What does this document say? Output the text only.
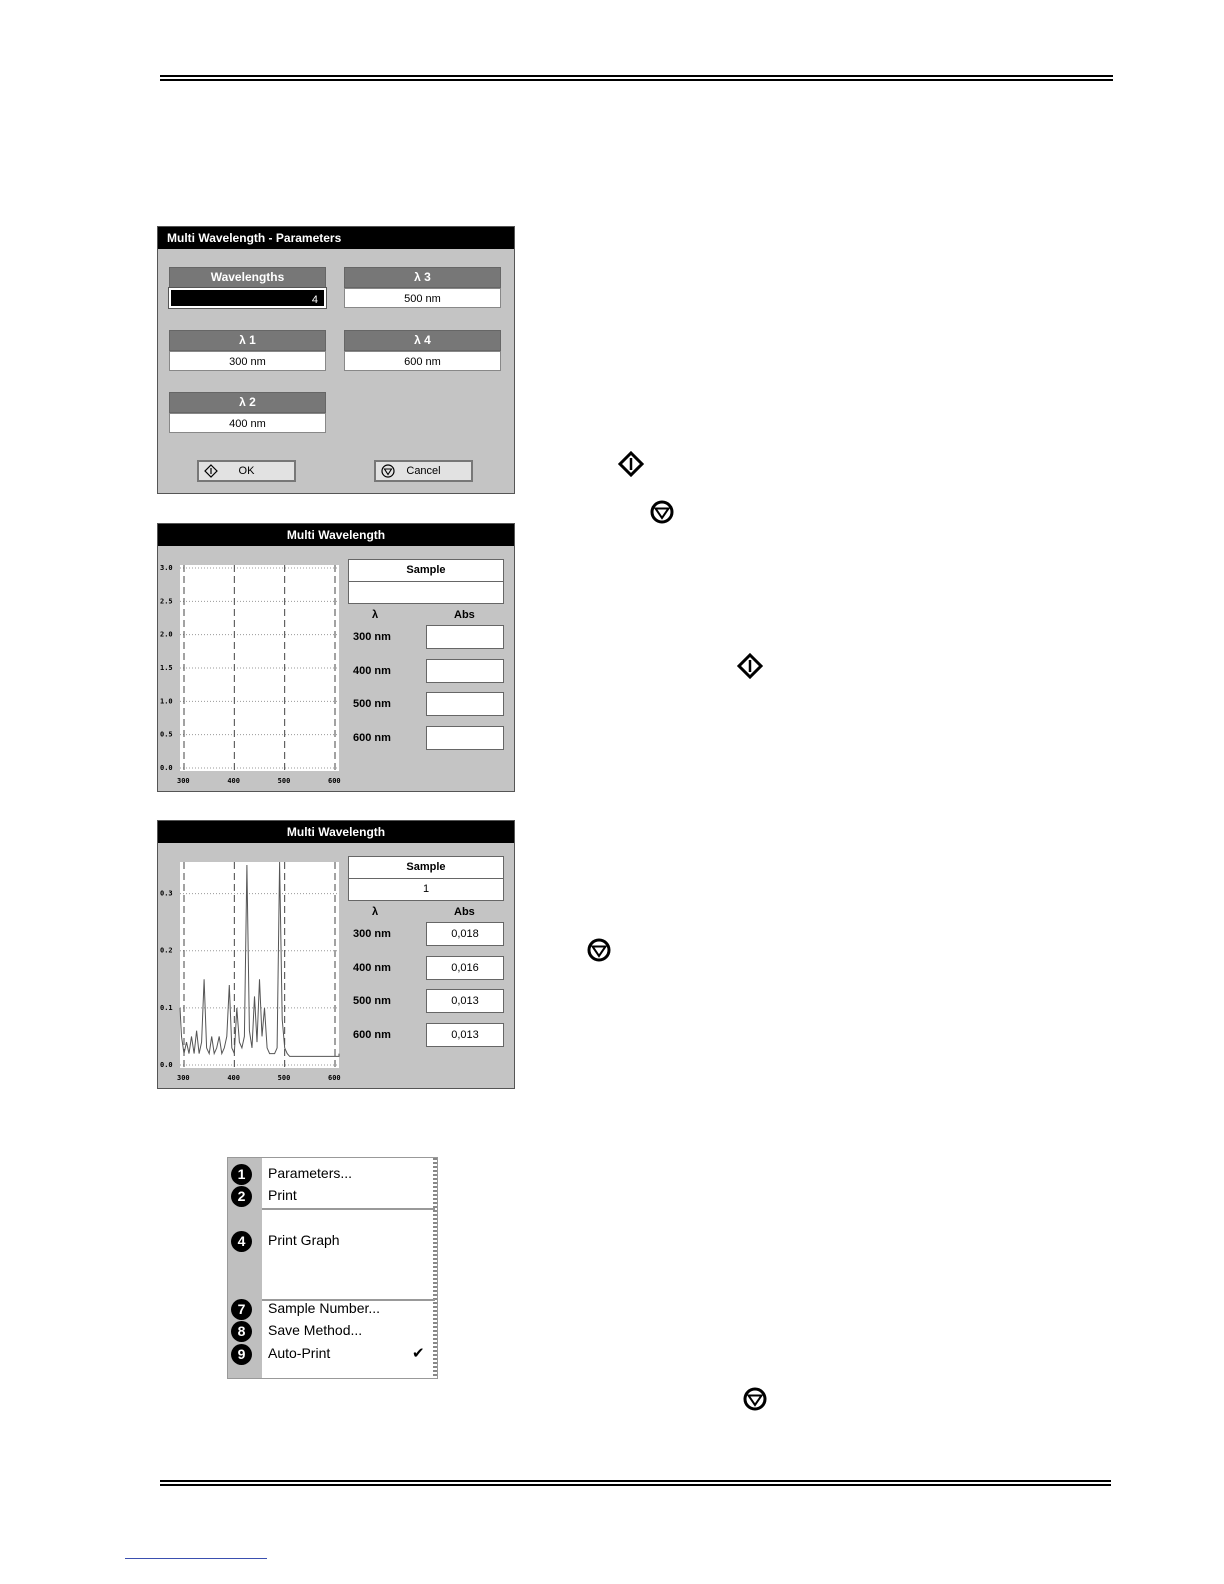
Multi Wavelength - Parameters
Wavelengths
4
λ 1
300 nm
λ 2
400 nm
λ 3
500 nm
λ 4
600 nm
OK	Cancel
Multi Wavelength
0.0
0.5
1.0
1.5
2.0
2.5
3.0
300	400	500	600
Sample
λ	Abs
300 nm
400 nm
500 nm
600 nm
Multi Wavelength
0.0
0.1
0.2
0.3
300	400	500	600
Sample
1
λ	Abs
300 nm	0,018
400 nm	0,016
500 nm	0,013
600 nm	0,013
1	Parameters...
2	Print
4	Print Graph
7	Sample Number...
8	Save Method...
9	Auto-Print	✔
